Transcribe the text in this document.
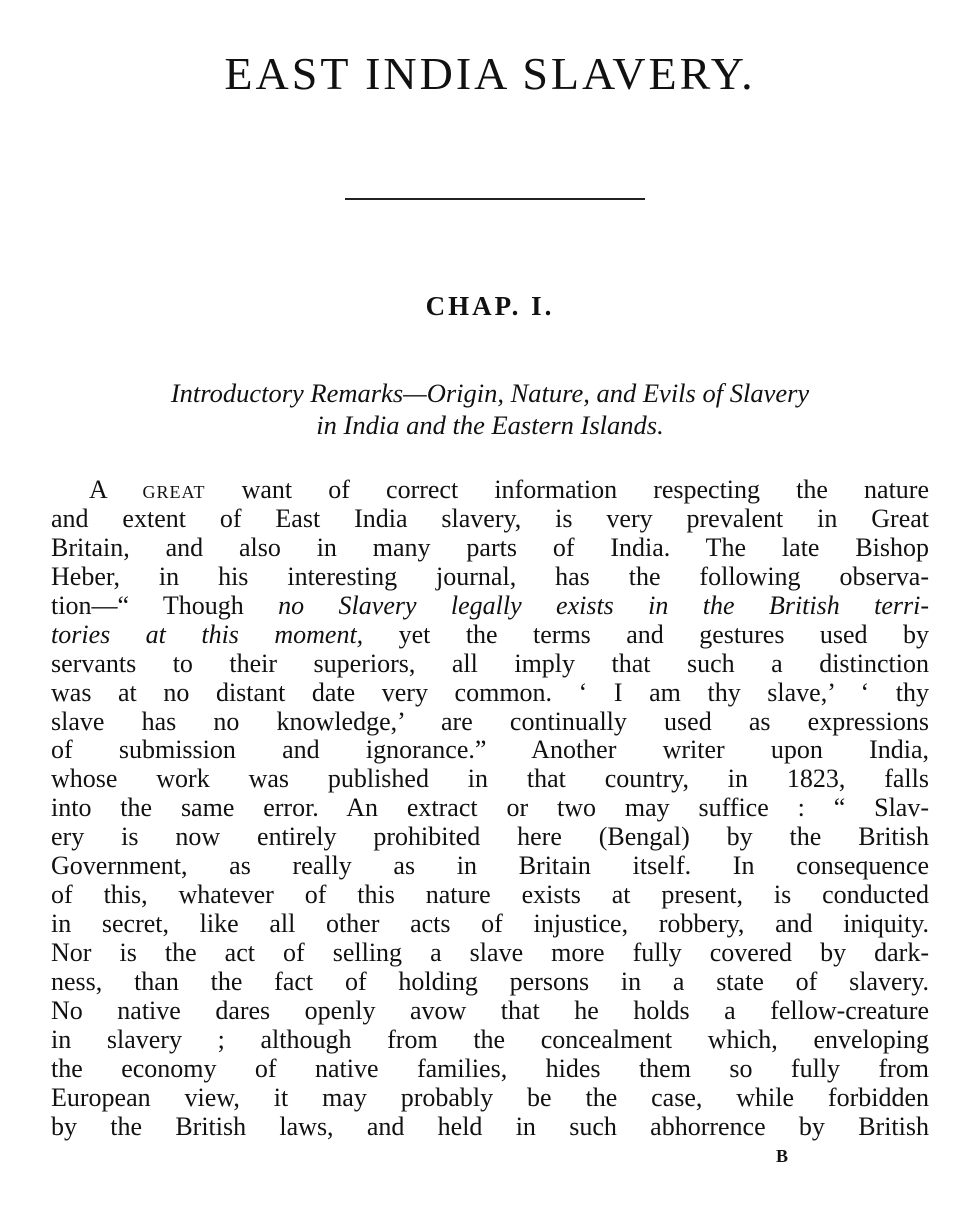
EAST INDIA SLAVERY.
CHAP. I.
Introductory Remarks—Origin, Nature, and Evils of Slavery
in India and the Eastern Islands.
A great want of correct information respecting the nature
and extent of East India slavery, is very prevalent in Great
Britain, and also in many parts of India. The late Bishop
Heber, in his interesting journal, has the following observa-
tion—“ Though no Slavery legally exists in the British terri-
tories at this moment, yet the terms and gestures used by
servants to their superiors, all imply that such a distinction
was at no distant date very common. ‘ I am thy slave,’ ‘ thy
slave has no knowledge,’ are continually used as expressions
of submission and ignorance.” Another writer upon India,
whose work was published in that country, in 1823, falls
into the same error. An extract or two may suffice : “ Slav-
ery is now entirely prohibited here (Bengal) by the British
Government, as really as in Britain itself. In consequence
of this, whatever of this nature exists at present, is conducted
in secret, like all other acts of injustice, robbery, and iniquity.
Nor is the act of selling a slave more fully covered by dark-
ness, than the fact of holding persons in a state of slavery.
No native dares openly avow that he holds a fellow-creature
in slavery ; although from the concealment which, enveloping
the economy of native families, hides them so fully from
European view, it may probably be the case, while forbidden
by the British laws, and held in such abhorrence by British
B
